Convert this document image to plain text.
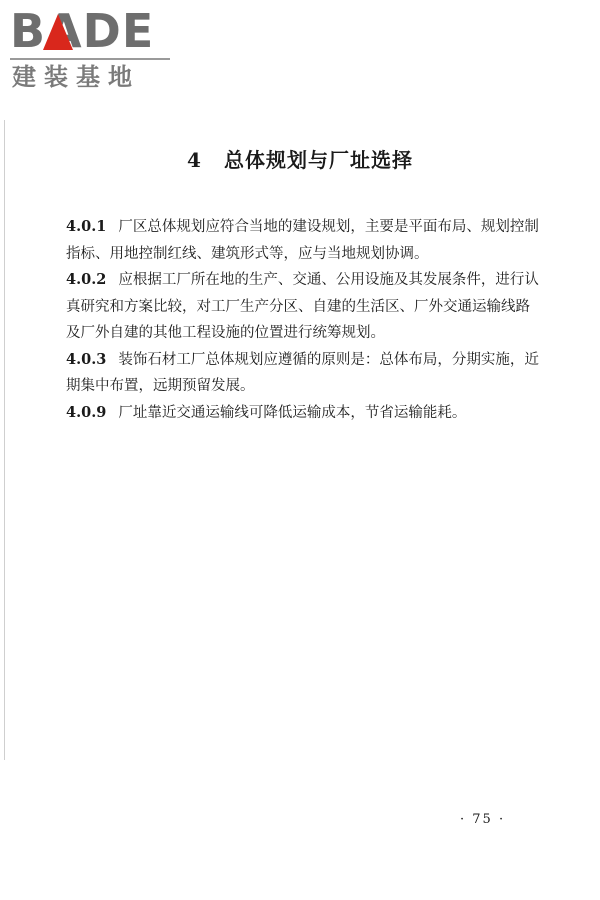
BADE
建装基地
4 总体规划与厂址选择

4.0.1 厂区总体规划应符合当地的建设规划，主要是平面布局、规划控制指标、用地控制红线、建筑形式等，应与当地规划协调。

4.0.2 应根据工厂所在地的生产、交通、公用设施及其发展条件，进行认真研究和方案比较，对工厂生产分区、自建的生活区、厂外交通运输线路及厂外自建的其他工程设施的位置进行统筹规划。

4.0.3 装饰石材工厂总体规划应遵循的原则是：总体布局，分期实施，近期集中布置，远期预留发展。

4.0.9 厂址靠近交通运输线可降低运输成本，节省运输能耗。

· 75 ·
